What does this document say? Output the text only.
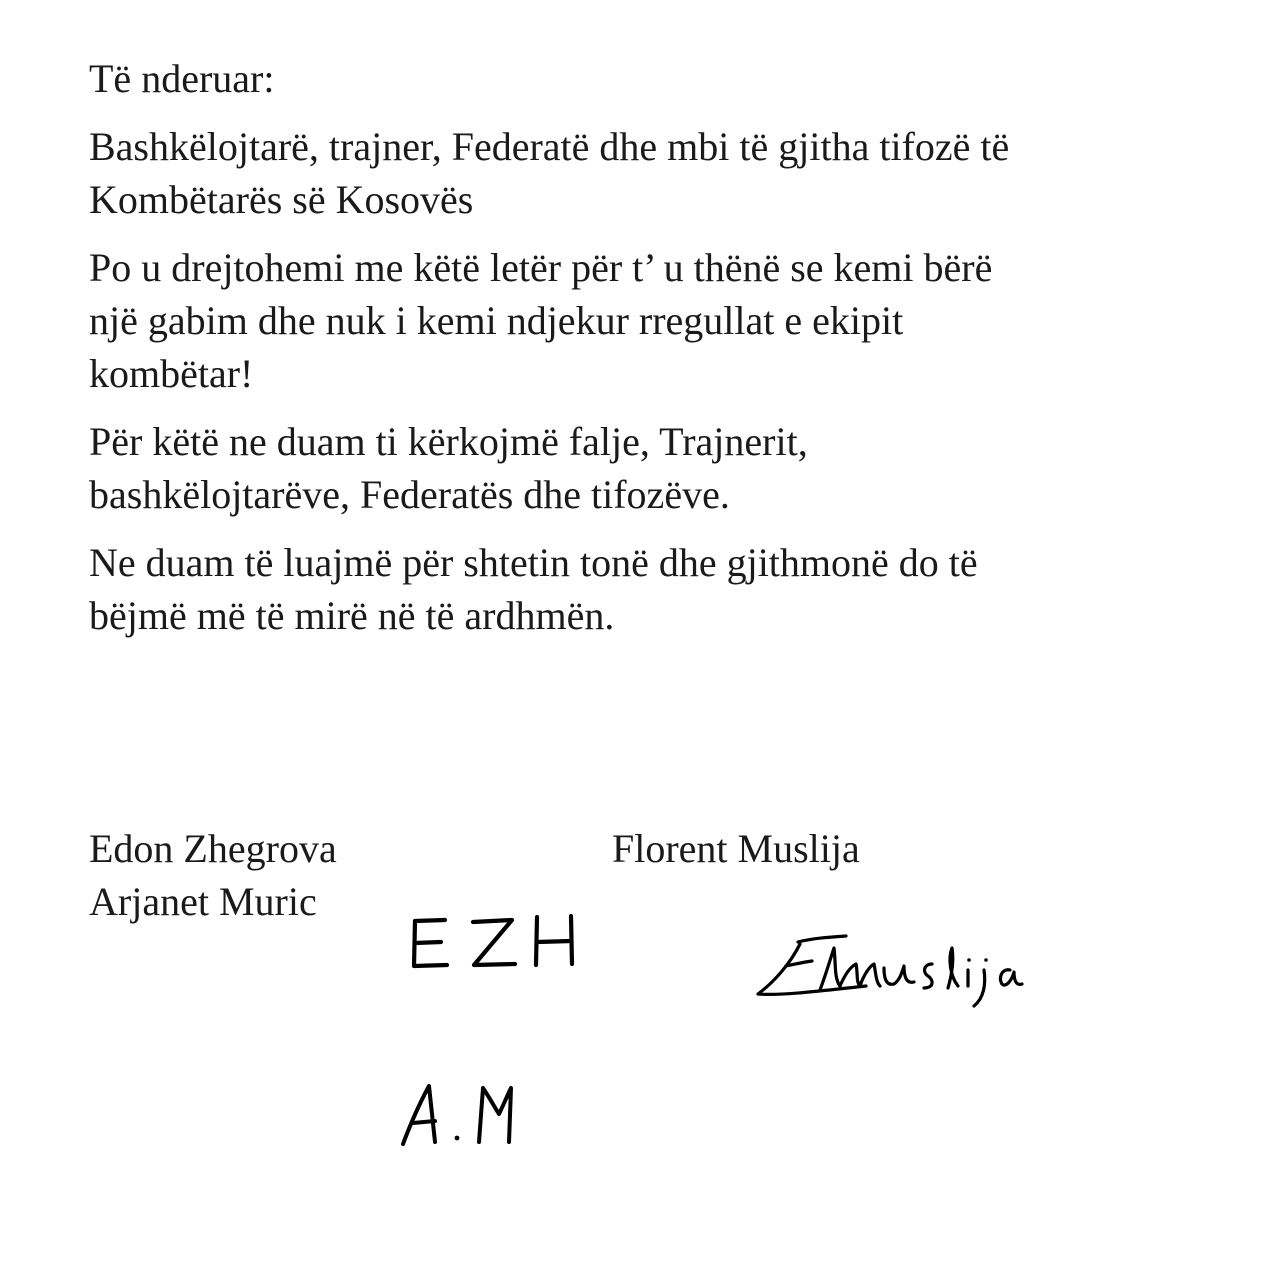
Të nderuar:

Bashkëlojtarë, trajner, Federatë dhe mbi të gjitha tifozë të
Kombëtarës së Kosovës

Po u drejtohemi me këtë letër për t’ u thënë se kemi bërë
një gabim dhe nuk i kemi ndjekur rregullat e ekipit
kombëtar!

Për këtë ne duam ti kërkojmë falje, Trajnerit,
bashkëlojtarëve, Federatës dhe tifozëve.

Ne duam të luajmë për shtetin tonë dhe gjithmonë do të
bëjmë më të mirë në të ardhmën.

Edon Zhegrova
Arjanet Muric
Florent Muslija
